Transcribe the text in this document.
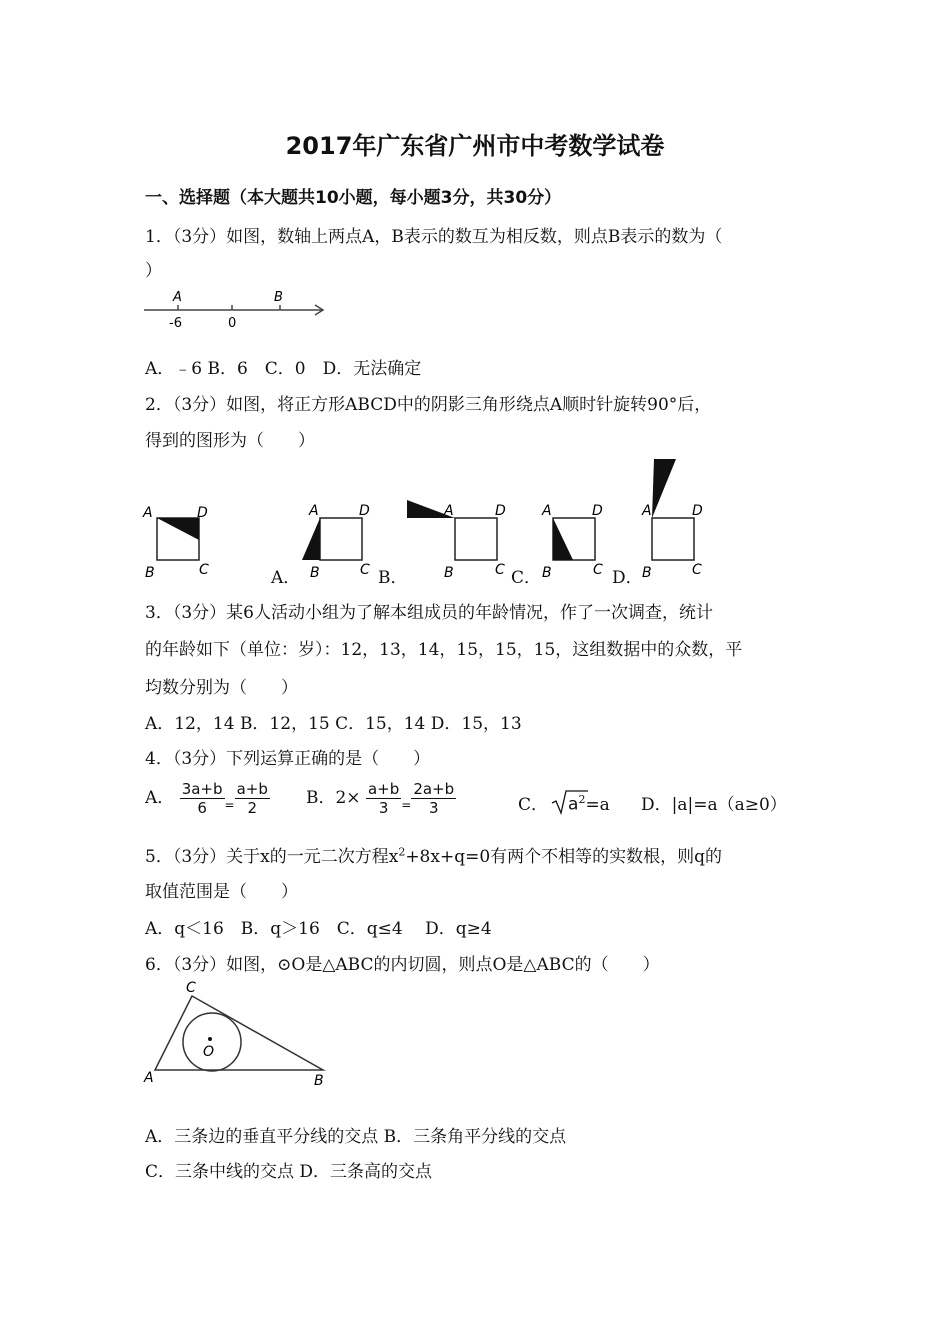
2017年广东省广州市中考数学试卷
一、选择题（本大题共10小题，每小题3分，共30分）
1．（3分）如图，数轴上两点A，B表示的数互为相反数，则点B表示的数为（
）
A	B
-6	0
A．﹣6 B．6　C．0　D．无法确定
2．（3分）如图，将正方形ABCD中的阴影三角形绕点A顺时针旋转90°后，
得到的图形为（　　）
A	D
B	C
A	D
B	C
A．
A	D
B	C
B．
A	D
B	C
C．
A	D
B	C
D．
3．（3分）某6人活动小组为了解本组成员的年龄情况，作了一次调查，统计
的年龄如下（单位：岁）：12，13，14，15，15，15，这组数据中的众数，平
均数分别为（　　）
A．12，14 B．12，15 C．15，14 D．15，13
4．（3分）下列运算正确的是（　　）
A． $\frac{3a+b}{6} _= \frac{a+b}{2}$ B．$2\times \frac{a+b}{3} _= \frac{2a+b}{3}$	C． $a^2=a$ D．|a|=a（a≥0）
5．（3分）关于x的一元二次方程$x^2+8x+q=0$有两个不相等的实数根，则q的
取值范围是（　　）
A．q＜16　B．q＞16　C．q≤4　 D．q≥4
6．（3分）如图，⊙O是△ABC的内切圆，则点O是△ABC的（　　）
A	B
C
O
A．三条边的垂直平分线的交点 B．三条角平分线的交点
C．三条中线的交点 D．三条高的交点
